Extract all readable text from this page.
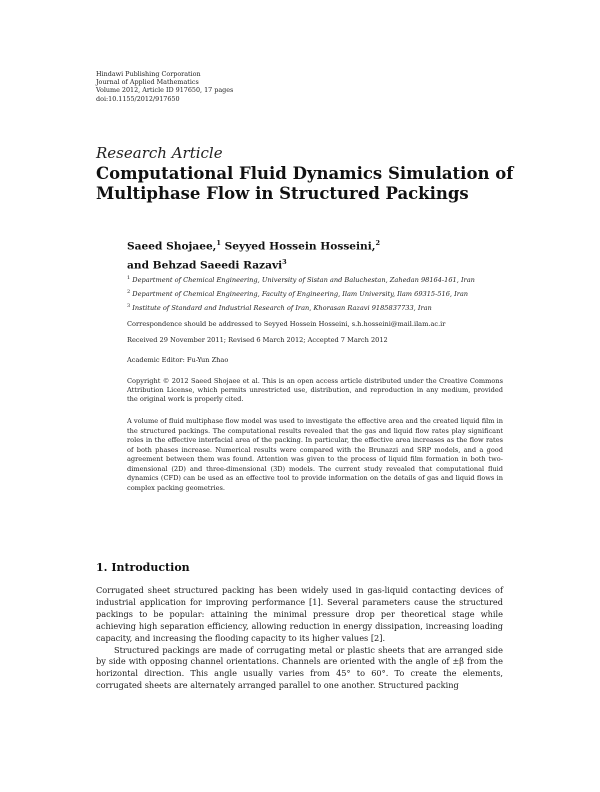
Hindawi Publishing Corporation
Journal of Applied Mathematics
Volume 2012, Article ID 917650, 17 pages
doi:10.1155/2012/917650
Research Article
Computational Fluid Dynamics Simulation of Multiphase Flow in Structured Packings
Saeed Shojaee,$^1$ Seyyed Hossein Hosseini,$^2$
and Behzad Saeedi Razavi$^3$
$^1$ Department of Chemical Engineering, University of Sistan and Baluchestan, Zahedan 98164-161, Iran
$^2$ Department of Chemical Engineering, Faculty of Engineering, Ilam University, Ilam 69315-516, Iran
$^3$ Institute of Standard and Industrial Research of Iran, Khorasan Razavi 9185837733, Iran
Correspondence should be addressed to Seyyed Hossein Hosseini, s.h.hosseini@mail.ilam.ac.ir
Received 29 November 2011; Revised 6 March 2012; Accepted 7 March 2012
Academic Editor: Fu-Yun Zhao
Copyright © 2012 Saeed Shojaee et al. This is an open access article distributed under the Creative Commons Attribution License, which permits unrestricted use, distribution, and reproduction in any medium, provided the original work is properly cited.
A volume of fluid multiphase flow model was used to investigate the effective area and the created liquid film in the structured packings. The computational results revealed that the gas and liquid flow rates play significant roles in the effective interfacial area of the packing. In particular, the effective area increases as the flow rates of both phases increase. Numerical results were compared with the Brunazzi and SRP models, and a good agreement between them was found. Attention was given to the process of liquid film formation in both two-dimensional (2D) and three-dimensional (3D) models. The current study revealed that computational fluid dynamics (CFD) can be used as an effective tool to provide information on the details of gas and liquid flows in complex packing geometries.
1. Introduction

Corrugated sheet structured packing has been widely used in gas-liquid contacting devices of industrial application for improving performance [1]. Several parameters cause the structured packings to be popular: attaining the minimal pressure drop per theoretical stage while achieving high separation efficiency, allowing reduction in energy dissipation, increasing loading capacity, and increasing the flooding capacity to its higher values [2].

Structured packings are made of corrugating metal or plastic sheets that are arranged side by side with opposing channel orientations. Channels are oriented with the angle of ±β from the horizontal direction. This angle usually varies from 45° to 60°. To create the elements, corrugated sheets are alternately arranged parallel to one another. Structured packing
